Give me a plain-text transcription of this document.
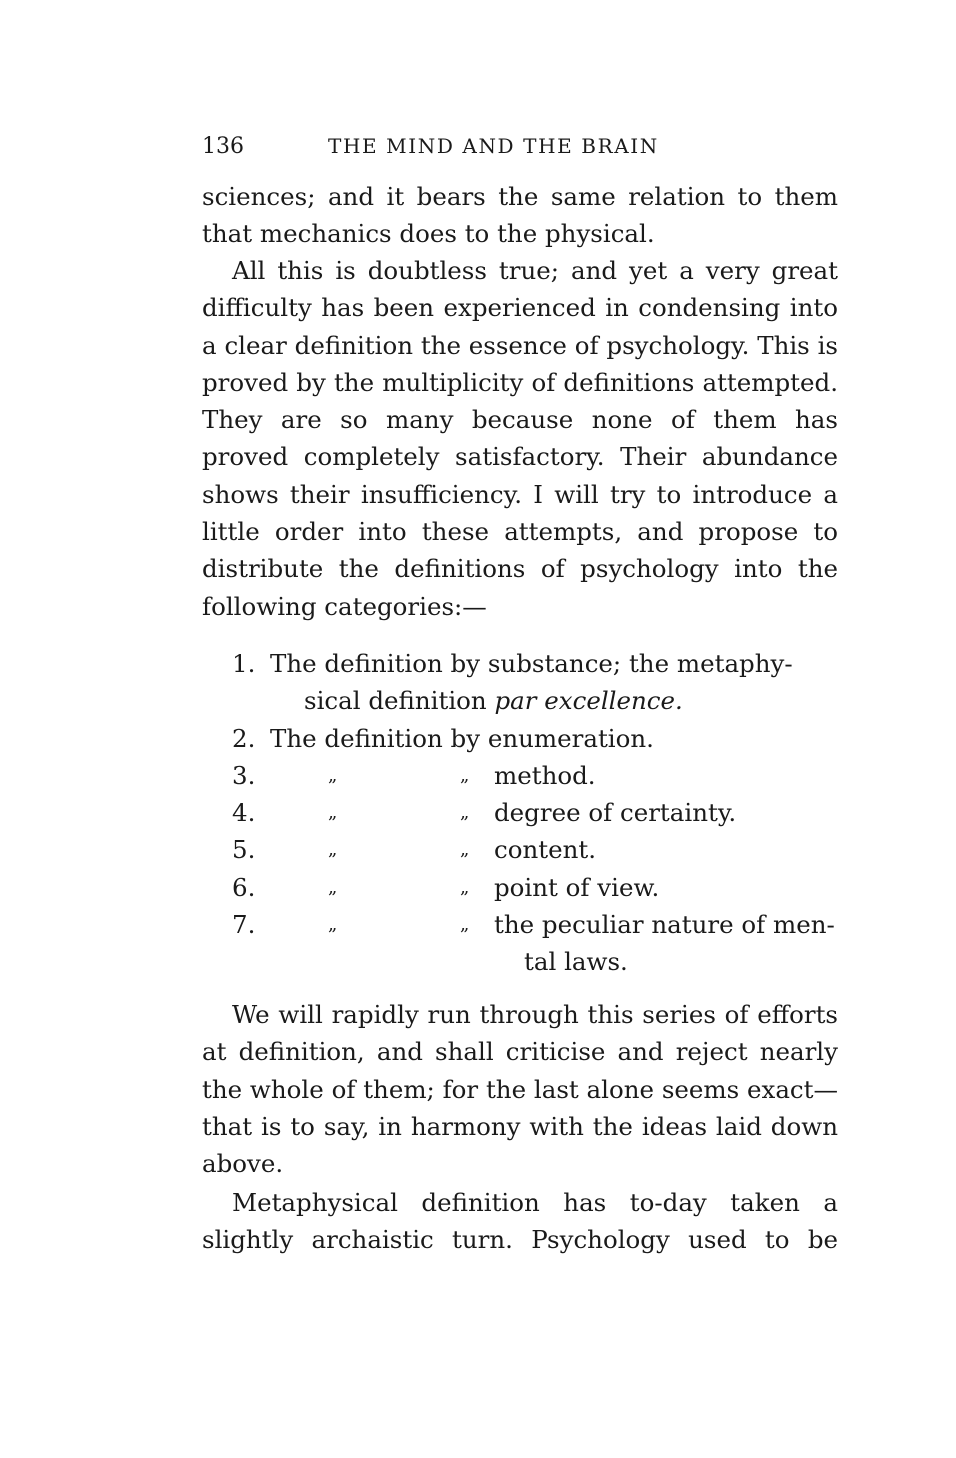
136	THE MIND AND THE BRAIN

sciences; and it bears the same relation to them that mechanics does to the physical.

All this is doubtless true; and yet a very great difficulty has been experienced in condensing into a clear definition the essence of psychology. This is proved by the multiplicity of definitions attempted. They are so many because none of them has proved completely satisfactory. Their abundance shows their insufficiency. I will try to introduce a little order into these attempts, and propose to distribute the definitions of psychology into the following categories:—

1. The definition by substance; the metaphy-
sical definition par excellence.
2. The definition by enumeration.
3.	„	„ method.
4.	„	„ degree of certainty.
5.	„	„ content.
6.	„	„ point of view.
7.	„	„ the peculiar nature of men-
tal laws.

We will rapidly run through this series of efforts at definition, and shall criticise and reject nearly the whole of them; for the last alone seems exact—that is to say, in harmony with the ideas laid down above.

Metaphysical definition has to-day taken a slightly archaistic turn. Psychology used to be
